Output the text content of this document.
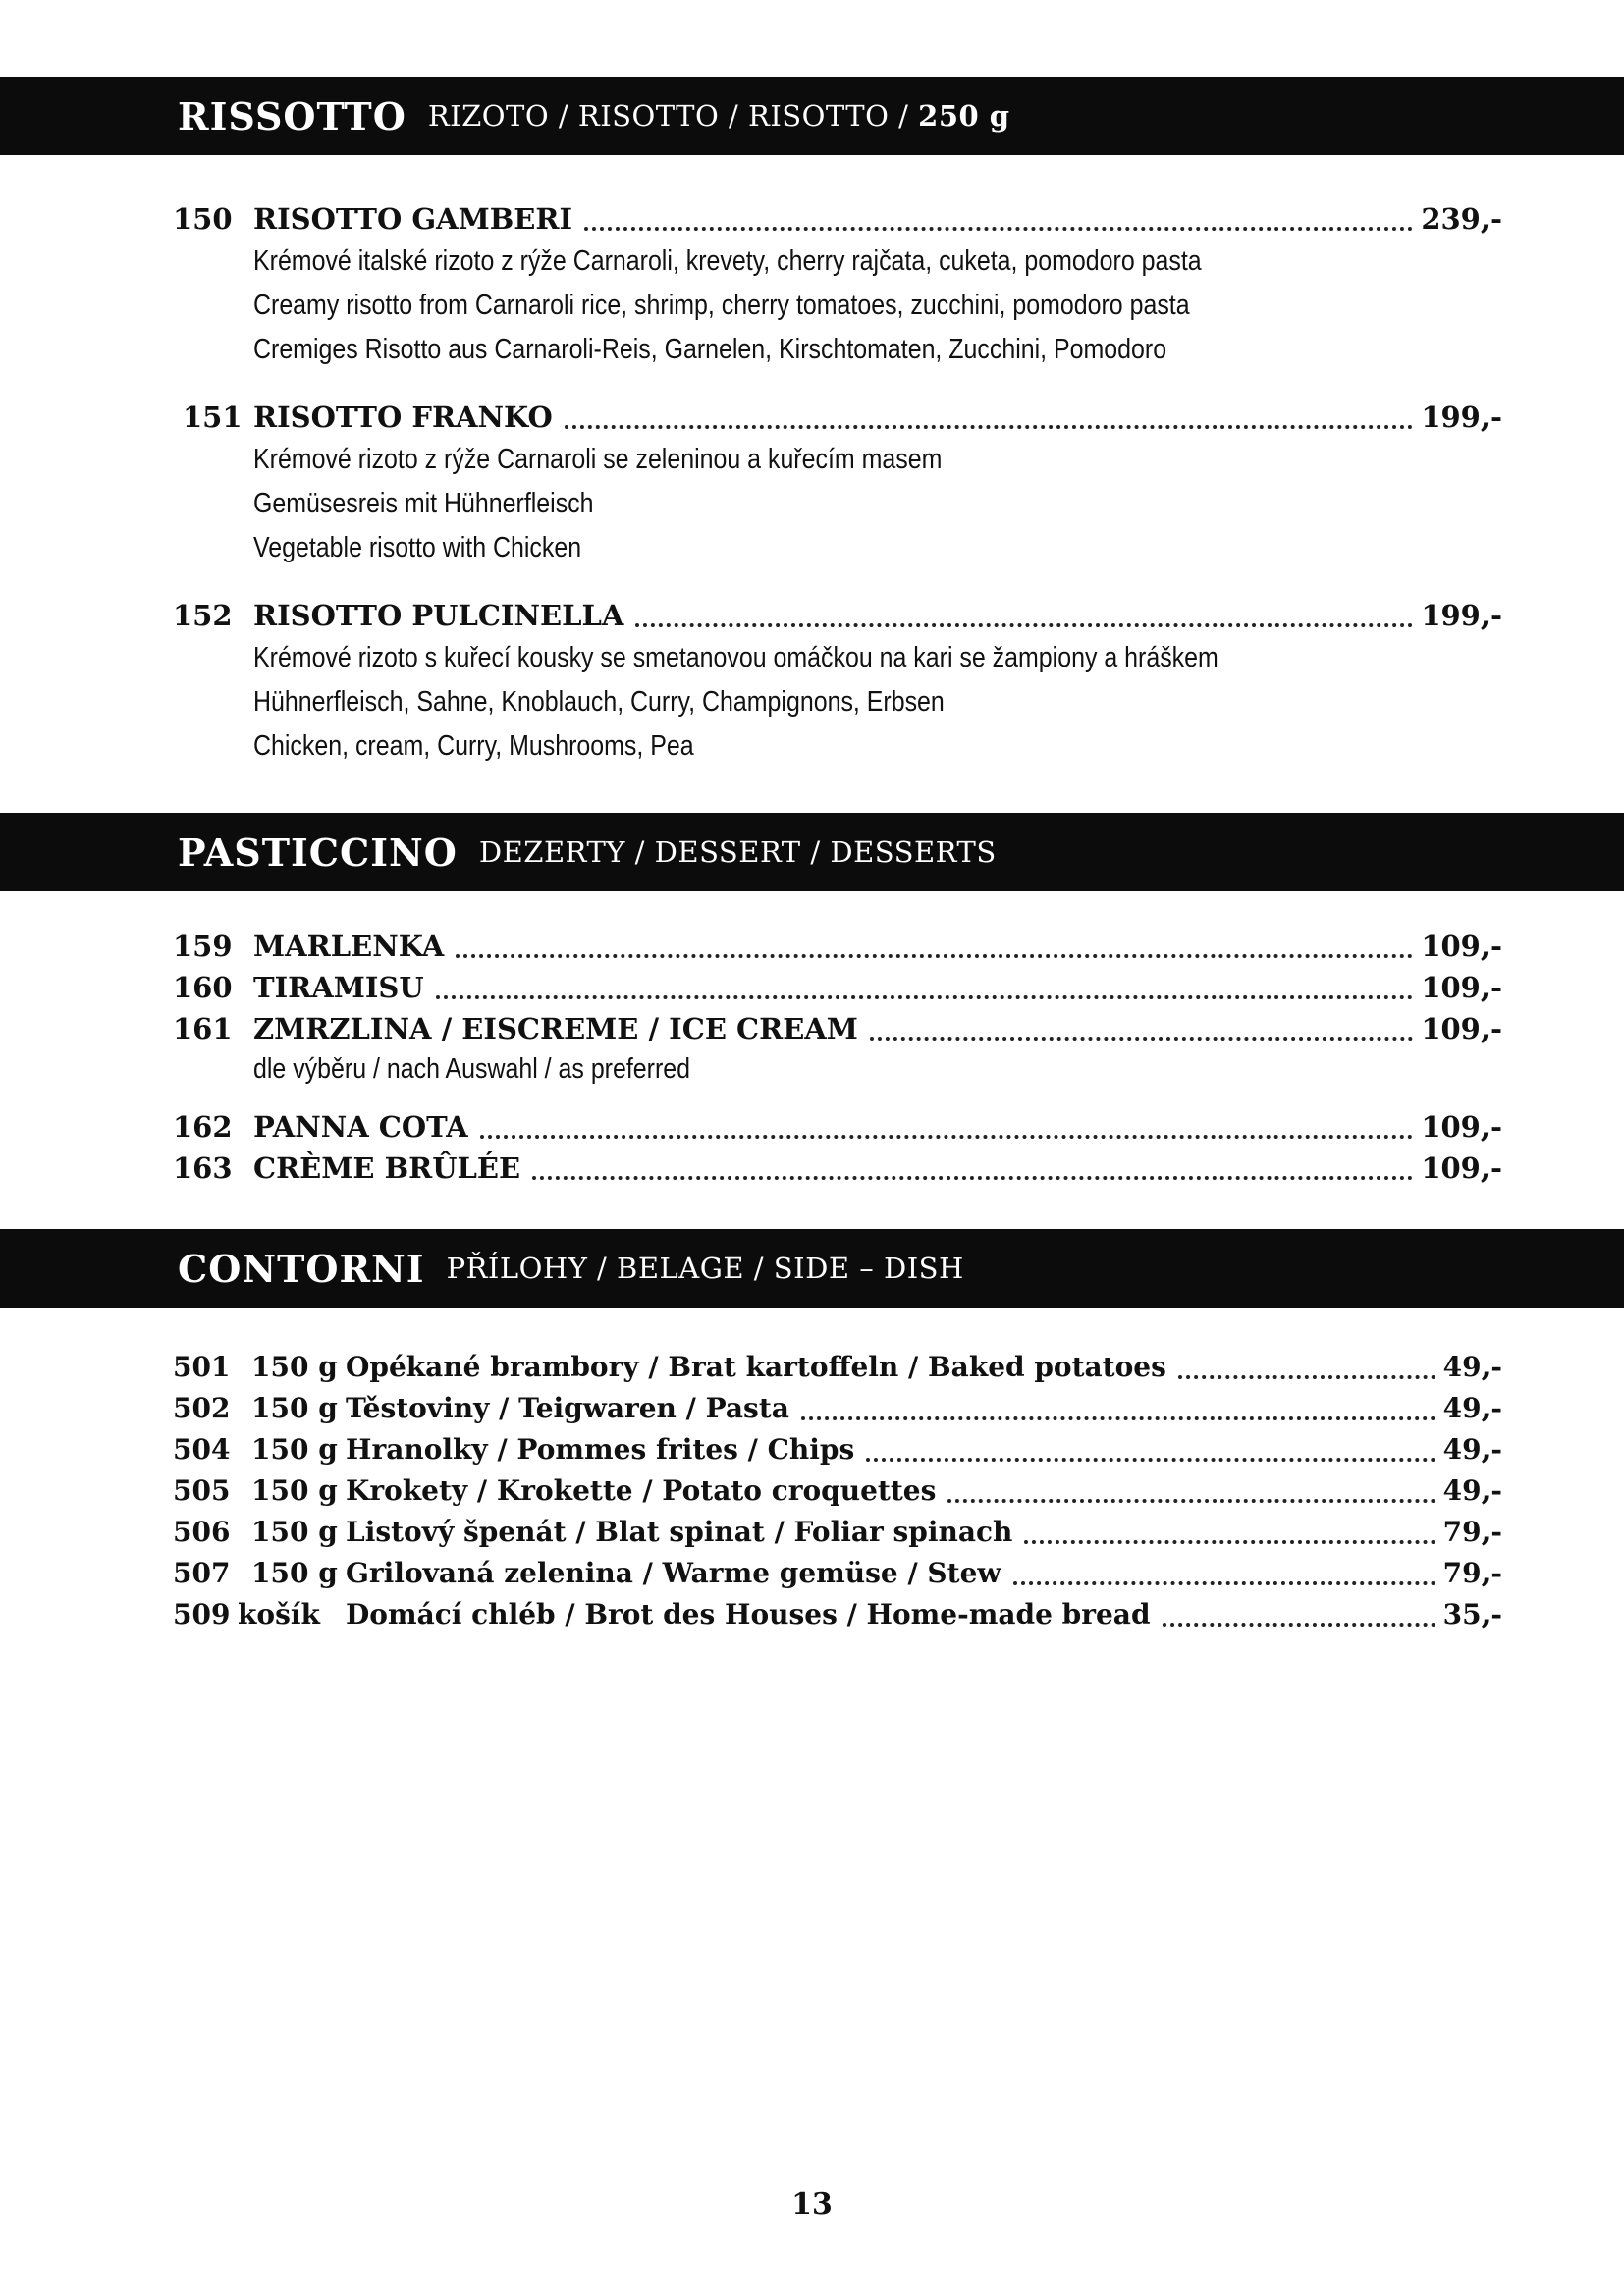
RISSOTTO RIZOTO / RISOTTO / RISOTTO / 250 g
150 RISOTTO GAMBERI	239,-
Krémové italské rizoto z rýže Carnaroli, krevety, cherry rajčata, cuketa, pomodoro pasta
Creamy risotto from Carnaroli rice, shrimp, cherry tomatoes, zucchini, pomodoro pasta
Cremiges Risotto aus Carnaroli-Reis, Garnelen, Kirschtomaten, Zucchini, Pomodoro
151 RISOTTO FRANKO	199,-
Krémové rizoto z rýže Carnaroli se zeleninou a kuřecím masem
Gemüsesreis mit Hühnerfleisch
Vegetable risotto with Chicken
152 RISOTTO PULCINELLA	199,-
Krémové rizoto s kuřecí kousky se smetanovou omáčkou na kari se žampiony a hráškem
Hühnerfleisch, Sahne, Knoblauch, Curry, Champignons, Erbsen
Chicken, cream, Curry, Mushrooms, Pea
PASTICCINO DEZERTY / DESSERT / DESSERTS
159 MARLENKA	109,-
160 TIRAMISU	109,-
161 ZMRZLINA / EISCREME / ICE CREAM	109,-
dle výběru / nach Auswahl / as preferred
162 PANNA COTA	109,-
163 CRÈME BRÛLÉE	109,-
CONTORNI PŘÍLOHY / BELAGE / SIDE – DISH
501 150 g Opékané brambory / Brat kartoffeln / Baked potatoes	49,-
502 150 g Těstoviny / Teigwaren / Pasta	49,-
504 150 g Hranolky / Pommes frites / Chips	49,-
505 150 g Krokety / Krokette / Potato croquettes	49,-
506 150 g Listový špenát / Blat spinat / Foliar spinach	79,-
507 150 g Grilovaná zelenina / Warme gemüse / Stew	79,-
509 košík Domácí chléb / Brot des Houses / Home-made bread	35,-
13
